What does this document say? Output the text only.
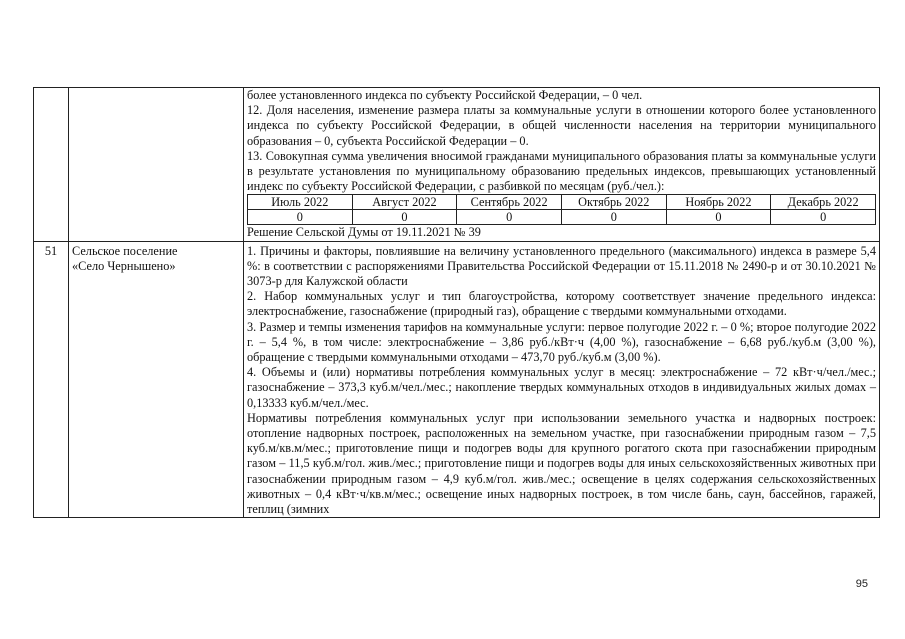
более установленного индекса по субъекту Российской Федерации, – 0 чел.

12. Доля населения, изменение размера платы за коммунальные услуги в отношении которого более установленного индекса по субъекту Российской Федерации, в общей численности населения на территории муниципального образования – 0, субъекта Российской Федерации – 0.

13. Совокупная сумма увеличения вносимой гражданами муниципального образования платы за коммунальные услуги в результате установления по муниципальному образованию предельных индексов, превышающих установленный индекс по субъекту Российской Федерации, с разбивкой по месяцам (руб./чел.):

Июль 2022	Август 2022	Сентябрь 2022	Октябрь 2022	Ноябрь 2022	Декабрь 2022
0	0	0	0	0	0

Решение Сельской Думы от 19.11.2021 № 39

51	Сельское поселение
«Село Чернышено»

1. Причины и факторы, повлиявшие на величину установленного предельного (максимального) индекса в размере 5,4 %: в соответствии с распоряжениями Правительства Российской Федерации от 15.11.2018 № 2490-р и от 30.10.2021 № 3073-р для Калужской области

2. Набор коммунальных услуг и тип благоустройства, которому соответствует значение предельного индекса: электроснабжение, газоснабжение (природный газ), обращение с твердыми коммунальными отходами.

3. Размер и темпы изменения тарифов на коммунальные услуги: первое полугодие 2022 г. – 0 %; второе полугодие 2022 г. – 5,4 %, в том числе: электроснабжение – 3,86 руб./кВт·ч (4,00 %), газоснабжение – 6,68 руб./куб.м (3,00 %), обращение с твердыми коммунальными отходами – 473,70 руб./куб.м (3,00 %).

4. Объемы и (или) нормативы потребления коммунальных услуг в месяц: электроснабжение – 72 кВт·ч/чел./мес.; газоснабжение – 373,3 куб.м/чел./мес.; накопление твердых коммунальных отходов в индивидуальных жилых домах – 0,13333 куб.м/чел./мес.

Нормативы потребления коммунальных услуг при использовании земельного участка и надворных построек: отопление надворных построек, расположенных на земельном участке, при газоснабжении природным газом – 7,5 куб.м/кв.м/мес.; приготовление пищи и подогрев воды для крупного рогатого скота при газоснабжении природным газом – 11,5 куб.м/гол. жив./мес.; приготовление пищи и подогрев воды для иных сельскохозяйственных животных при газоснабжении природным газом – 4,9 куб.м/гол. жив./мес.; освещение в целях содержания сельскохозяйственных животных – 0,4 кВт·ч/кв.м/мес.; освещение иных надворных построек, в том числе бань, саун, бассейнов, гаражей, теплиц (зимних

95
